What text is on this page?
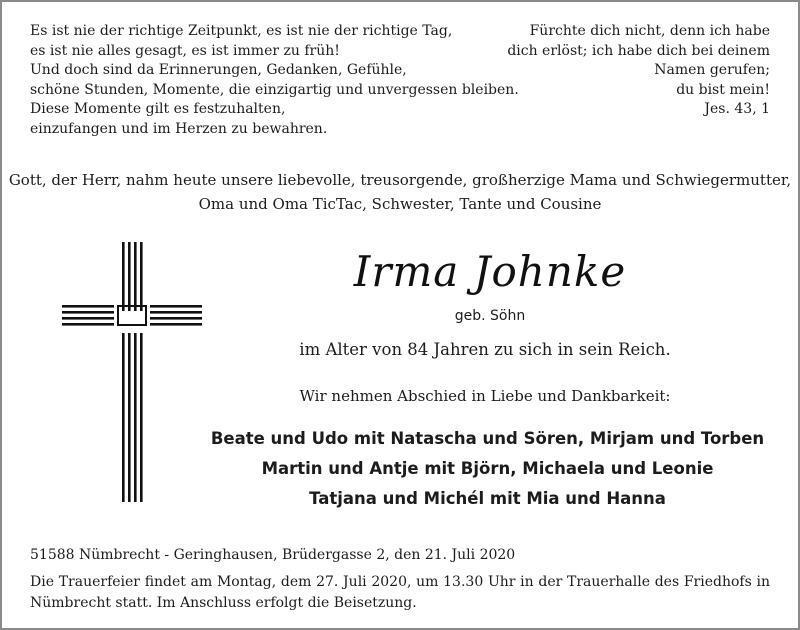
Es ist nie der richtige Zeitpunkt, es ist nie der richtige Tag,
es ist nie alles gesagt, es ist immer zu früh!
Und doch sind da Erinnerungen, Gedanken, Gefühle,
schöne Stunden, Momente, die einzigartig und unvergessen bleiben.
Diese Momente gilt es festzuhalten,
einzufangen und im Herzen zu bewahren.
Fürchte dich nicht, denn ich habe
dich erlöst; ich habe dich bei deinem
Namen gerufen;
du bist mein!
Jes. 43, 1
Gott, der Herr, nahm heute unsere liebevolle, treusorgende, großherzige Mama und Schwiegermutter,
Oma und Oma TicTac, Schwester, Tante und Cousine
Irma Johnke
geb. Söhn
im Alter von 84 Jahren zu sich in sein Reich.
Wir nehmen Abschied in Liebe und Dankbarkeit:
Beate und Udo mit Natascha und Sören, Mirjam und Torben
Martin und Antje mit Björn, Michaela und Leonie
Tatjana und Michél mit Mia und Hanna
51588 Nümbrecht - Geringhausen, Brüdergasse 2, den 21. Juli 2020
Die Trauerfeier findet am Montag, dem 27. Juli 2020, um 13.30 Uhr in der Trauerhalle des Friedhofs in Nümbrecht statt. Im Anschluss erfolgt die Beisetzung.
